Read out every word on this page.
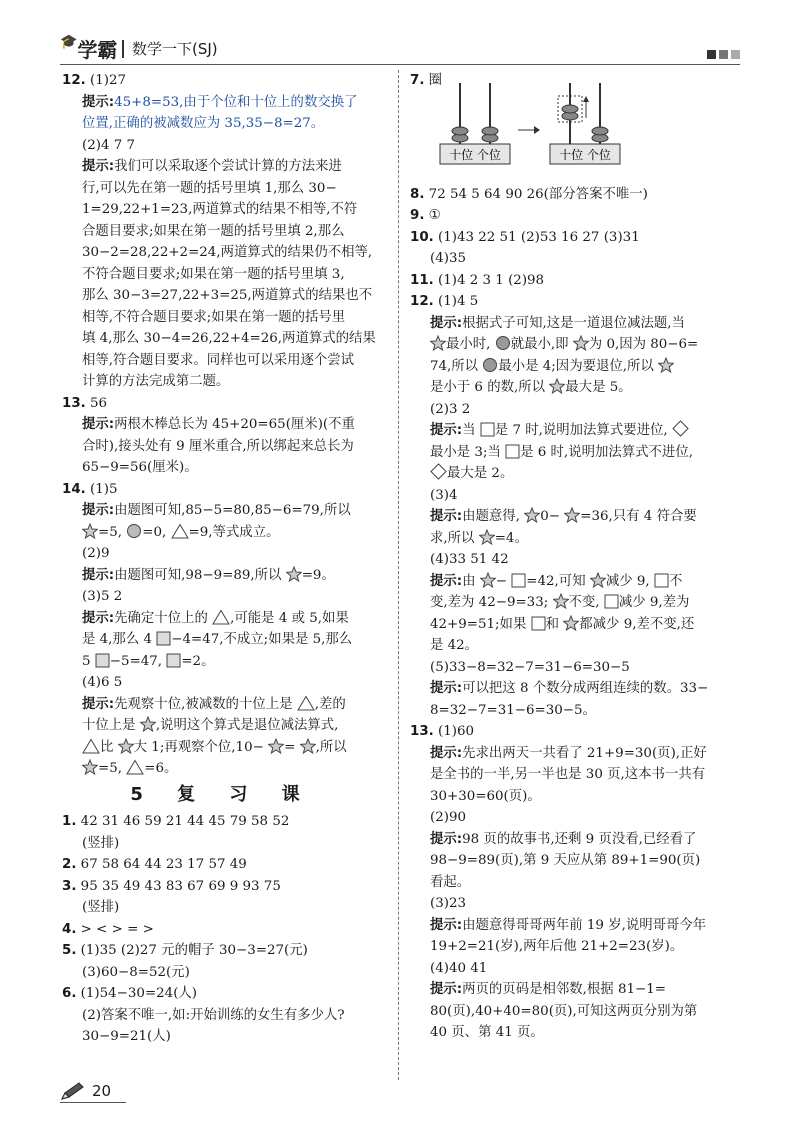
🎓学霸 数学一下(SJ)
12. (1)27
提示:45+8=53,由于个位和十位上的数交换了
位置,正确的被减数应为 35,35−8=27。
(2)4 7 7
提示:我们可以采取逐个尝试计算的方法来进
行,可以先在第一题的括号里填 1,那么 30−
1=29,22+1=23,两道算式的结果不相等,不符
合题目要求;如果在第一题的括号里填 2,那么
30−2=28,22+2=24,两道算式的结果仍不相等,
不符合题目要求;如果在第一题的括号里填 3,
那么 30−3=27,22+3=25,两道算式的结果也不
相等,不符合题目要求;如果在第一题的括号里
填 4,那么 30−4=26,22+4=26,两道算式的结果
相等,符合题目要求。同样也可以采用逐个尝试
计算的方法完成第二题。
13. 56
提示:两根木棒总长为 45+20=65(厘米)(不重
合时),接头处有 9 厘米重合,所以绑起来总长为
65−9=56(厘米)。
14. (1)5
提示:由题图可知,85−5=80,85−6=79,所以
=5, =0, =9,等式成立。
(2)9
提示:由题图可知,98−9=89,所以 =9。
(3)5 2
提示:先确定十位上的 ,可能是 4 或 5,如果
是 4,那么 4 −4=47,不成立;如果是 5,那么
5 −5=47, =2。
(4)6 5
提示:先观察十位,被减数的十位上是 ,差的
十位上是 ,说明这个算式是退位减法算式,
比 大 1;再观察个位,10− = ,所以
=5, =6。
5 复 习 课
1. 42 31 46 59 21 44 45 79 58 52
(竖排)
2. 67 58 64 44 23 17 57 49
3. 95 35 49 43 83 67 69 9 93 75
(竖排)
4. > < > = >
5. (1)35 (2)27 元的帽子 30−3=27(元)
(3)60−8=52(元)
6. (1)54−30=24(人)
(2)答案不唯一,如:开始训练的女生有多少人?
30−9=21(人)
7. 圈
十位 个位	十位 个位
8. 72 54 5 64 90 26(部分答案不唯一)
9. ①
10. (1)43 22 51 (2)53 16 27 (3)31
(4)35
11. (1)4 2 3 1 (2)98
12. (1)4 5
提示:根据式子可知,这是一道退位减法题,当
最小时, 就最小,即 为 0,因为 80−6=
74,所以 最小是 4;因为要退位,所以
是小于 6 的数,所以 最大是 5。
(2)3 2
提示:当 是 7 时,说明加法算式要进位,
最小是 3;当 是 6 时,说明加法算式不进位,
最大是 2。
(3)4
提示:由题意得, 0− =36,只有 4 符合要
求,所以 =4。
(4)33 51 42
提示:由 − =42,可知 减少 9, 不
变,差为 42−9=33; 不变, 减少 9,差为
42+9=51;如果 和 都减少 9,差不变,还
是 42。
(5)33−8=32−7=31−6=30−5
提示:可以把这 8 个数分成两组连续的数。33−
8=32−7=31−6=30−5。
13. (1)60
提示:先求出两天一共看了 21+9=30(页),正好
是全书的一半,另一半也是 30 页,这本书一共有
30+30=60(页)。
(2)90
提示:98 页的故事书,还剩 9 页没看,已经看了
98−9=89(页),第 9 天应从第 89+1=90(页)
看起。
(3)23
提示:由题意得哥哥两年前 19 岁,说明哥哥今年
19+2=21(岁),两年后他 21+2=23(岁)。
(4)40 41
提示:两页的页码是相邻数,根据 81−1=
80(页),40+40=80(页),可知这两页分别为第
40 页、第 41 页。
20
